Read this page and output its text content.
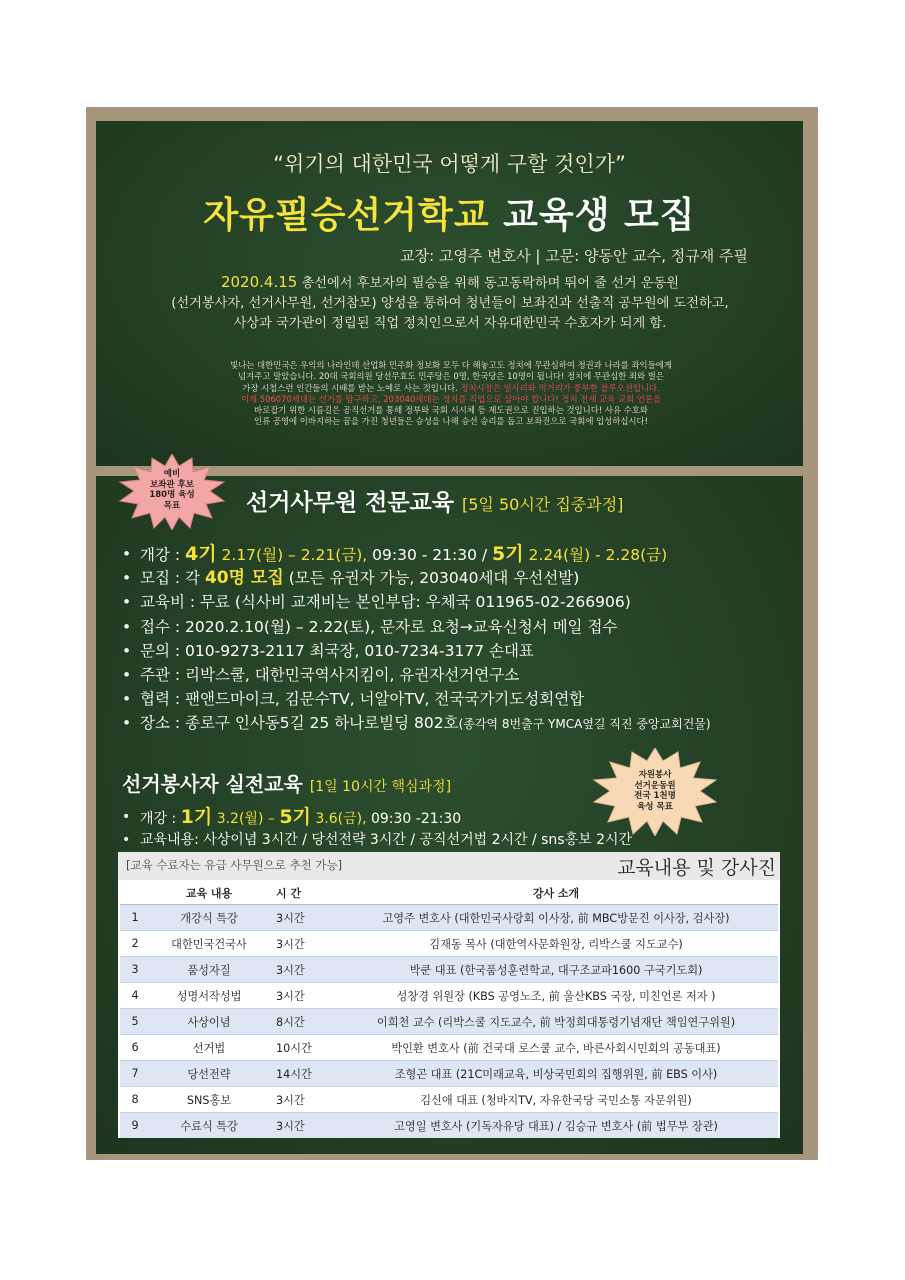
“위기의 대한민국 어떻게 구할 것인가”
자유필승선거학교 교육생 모집
교장: 고영주 변호사 | 고문: 양동안 교수, 정규재 주필
2020.4.15 총선에서 후보자의 필승을 위해 동고동락하며 뛰어 줄 선거 운동원
(선거봉사자, 선거사무원, 선거참모) 양성을 통하여 청년들이 보좌진과 선출직 공무원에 도전하고,
사상과 국가관이 정립된 직업 정치인으로서 자유대한민국 수호자가 되게 함.
빛나는 대한민국은 우익의 나라인데 산업화 민주화 정보화 모두 다 해놓고도 정치에 무관심하여 정권과 나라를 좌익들에게
넘겨주고 말았습니다. 20대 국회의원 당선무효도 민주당은 0명, 한국당은 10명이 됩니다! 정치에 무관심한 죄와 벌은
가장 시첩스런 인간들의 시배를 받는 노예로 사는 것입니다. 정치시장은 일사리와 먹거리가 풍부한 블루오션입니다.
이제 506070세대는 선거를 탐구하고, 203040세대는 정치를 직업으로 삼아야 합니다! 정치 전세 교육 교회 언론을
바로잡기 위한 시름길은 공직선거를 통해 정부와 국회 시시체 등 제도권으로 진입하는 것입니다! 사유 수호와
인류 공영에 이바지하는 꿈을 가진 청년들은 승성을 나해 승선 승리를 돕고 보좌진으로 국회에 입성하십시다!
예비
보좌관 후보
180명 육성
목표	선거사무원 전문교육 [5일 50시간 집중과정]
• 개강 : 4기 2.17(월) – 2.21(금), 09:30 - 21:30 / 5기 2.24(월) - 2.28(금)
• 모집 : 각 40명 모집 (모든 유권자 가능, 203040세대 우선선발)
• 교육비 : 무료 (식사비 교재비는 본인부담: 우체국 011965-02-266906)
• 접수 : 2020.2.10(월) – 2.22(토), 문자로 요청→교육신청서 메일 접수
• 문의 : 010-9273-2117 최국장, 010-7234-3177 손대표
• 주관 : 리박스쿨, 대한민국역사지킴이, 유권자선거연구소
• 협력 : 팬앤드마이크, 김문수TV, 너알아TV, 전국국가기도성회연합
• 장소 : 종로구 인사동5길 25 하나로빌딩 802호(종각역 8번출구 YMCA옆길 직진 중앙교회건물)
선거봉사자 실전교육 [1일 10시간 핵심과정]
자원봉사
선거운동원
전국 1천명
육성 목표
• 개강 : 1기 3.2(월) – 5기 3.6(금), 09:30 -21:30
• 교육내용: 사상이념 3시간 / 당선전략 3시간 / 공직선거법 2시간 / sns홍보 2시간
[교육 수료자는 유급 사무원으로 추천 가능]	교육내용 및 강사진
	교육 내용	시 간	강사 소개
1	개강식 특강	3시간	고영주 변호사 (대한민국사랑회 이사장, 前 MBC방문진 이사장, 검사장)
2	대한민국건국사	3시간	김재동 목사 (대한역사문화원장, 리박스쿨 지도교수)
3	품성자질	3시간	박쿤 대표 (한국품성훈련학교, 대구조교파1600 구국기도회)
4	성명서작성법	3시간	성창경 위원장 (KBS 공영노조, 前 울산KBS 국장, 미친언론 저자 )
5	사상이념	8시간	이희천 교수 (리박스쿨 지도교수, 前 박정희대통령기념재단 책임연구위원)
6	선거법	10시간	박인환 변호사 (前 건국대 로스쿨 교수, 바른사회시민회의 공동대표)
7	당선전략	14시간	조형곤 대표 (21C미래교육, 비상국민회의 집행위원, 前 EBS 이사)
8	SNS홍보	3시간	김신애 대표 (청바지TV, 자유한국당 국민소통 자문위원)
9	수료식 특강	3시간	고영일 변호사 (기독자유당 대표) / 김승규 변호사 (前 법무부 장관)
